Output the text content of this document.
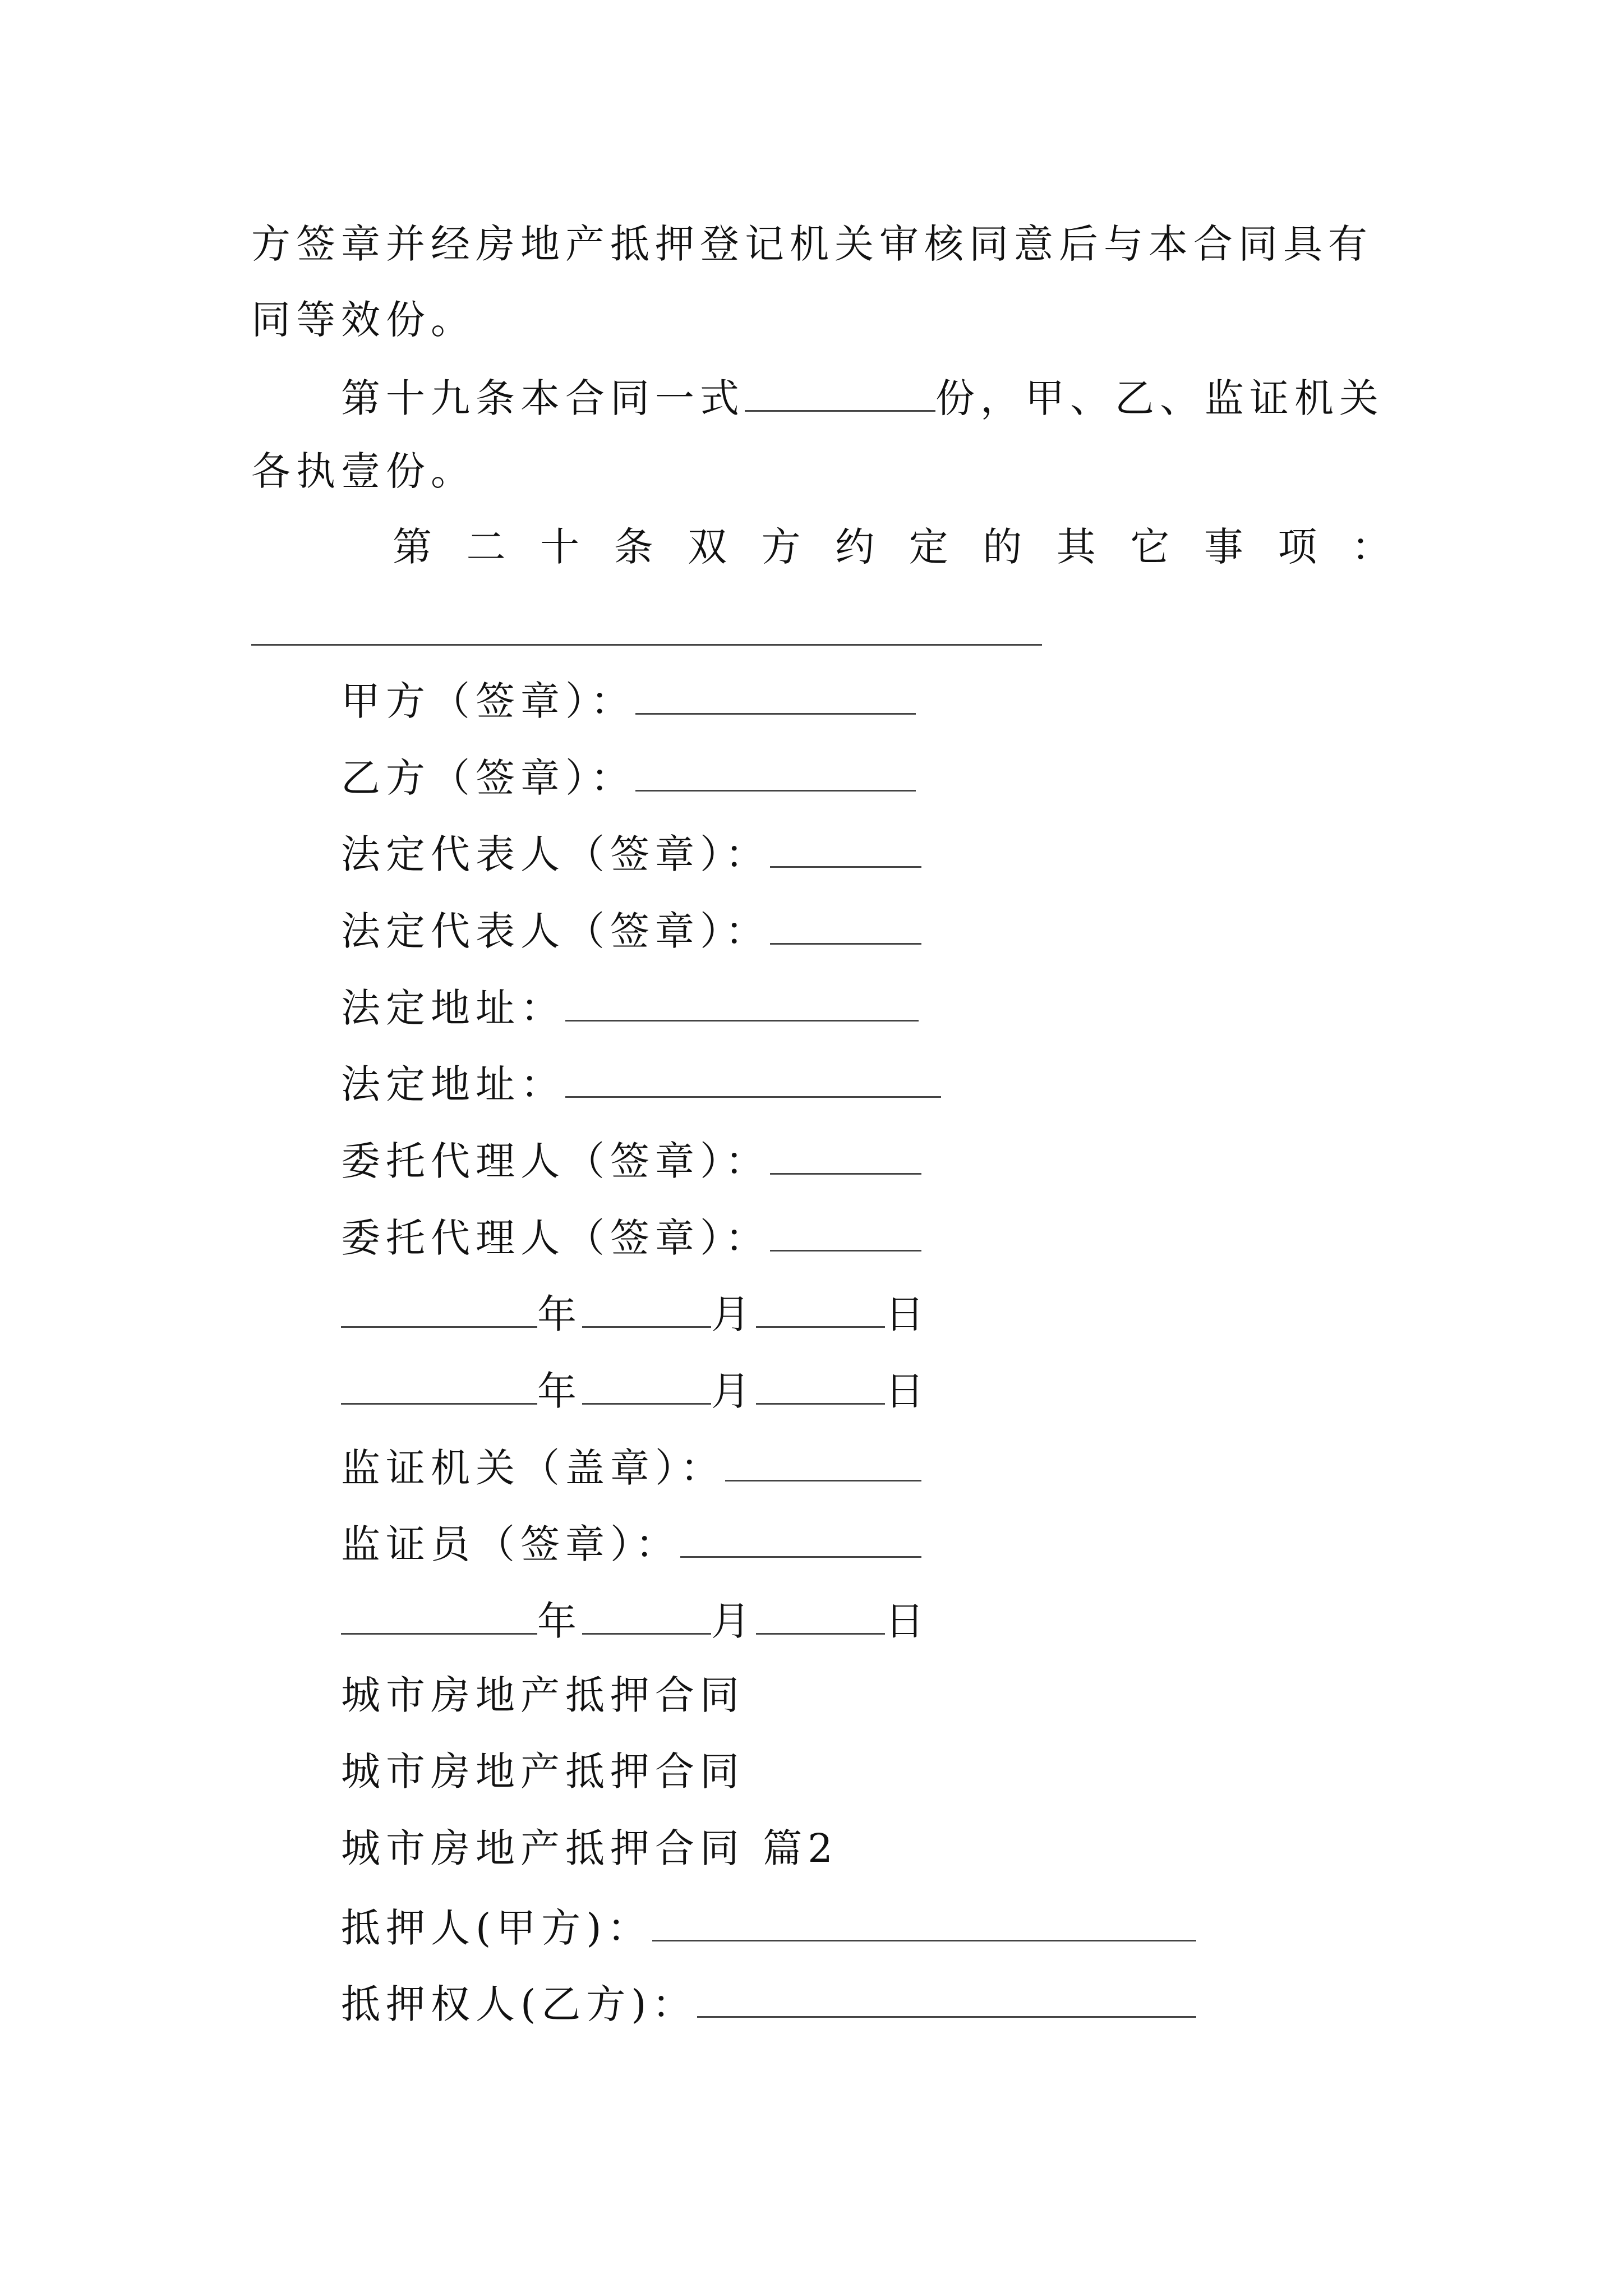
方签章并经房地产抵押登记机关审核同意后与本合同具有
同等效份。
第十九条本合同一式	份，甲、乙、监证机关
各执壹份。
第 二 十 条 双 方 约 定 的 其 它 事 项 ：
甲方（签章）：
乙方（签章）：
法定代表人（签章）：
法定代表人（签章）：
法定地址：
法定地址：
委托代理人（签章）：
委托代理人（签章）：
年	月	日
年	月	日
监证机关（盖章）：
监证员（签章）：
年	月	日
城市房地产抵押合同
城市房地产抵押合同
城市房地产抵押合同 篇2
抵押人(甲方)：
抵押权人(乙方)：
